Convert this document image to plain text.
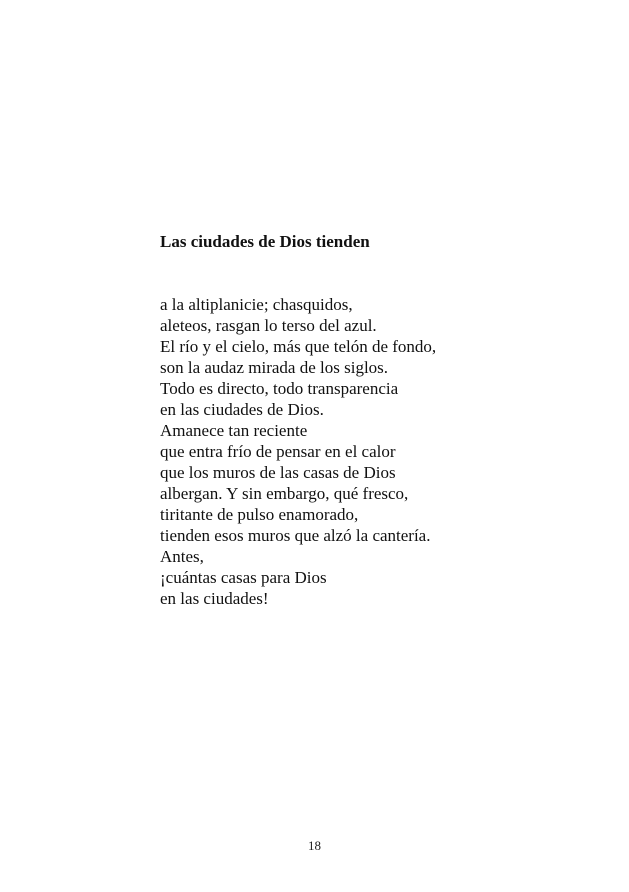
Las ciudades de Dios tienden

a la altiplanicie; chasquidos,
aleteos, rasgan lo terso del azul.
El río y el cielo, más que telón de fondo,
son la audaz mirada de los siglos.
Todo es directo, todo transparencia
en las ciudades de Dios.
Amanece tan reciente
que entra frío de pensar en el calor
que los muros de las casas de Dios
albergan. Y sin embargo, qué fresco,
tiritante de pulso enamorado,
tienden esos muros que alzó la cantería.
Antes,
¡cuántas casas para Dios
en las ciudades!

18
